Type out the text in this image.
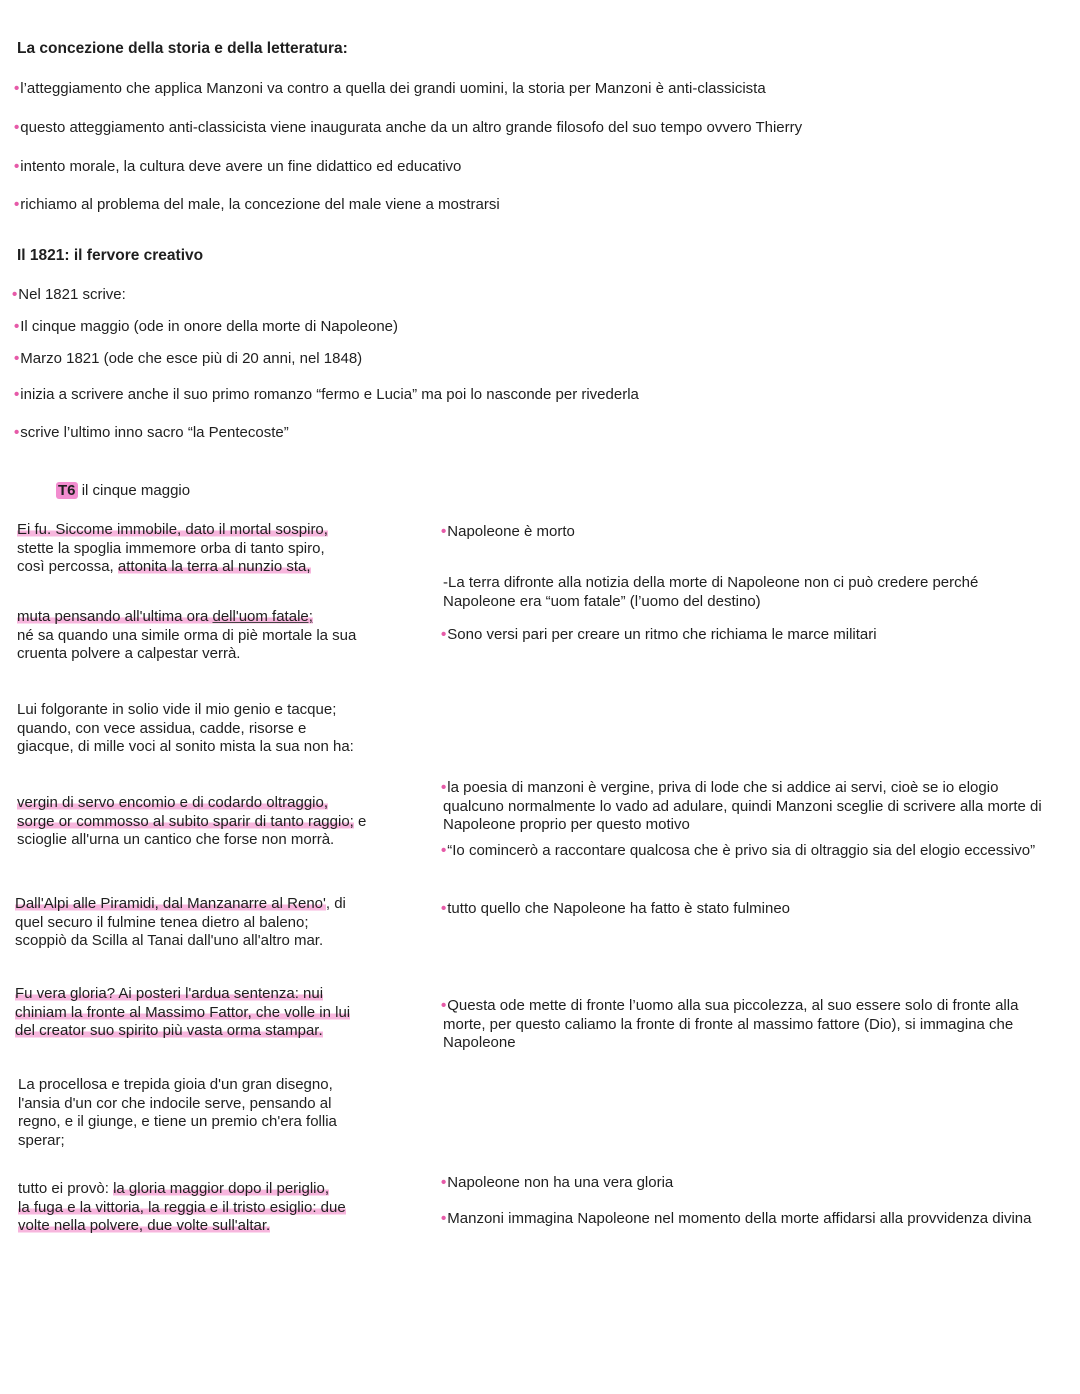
La concezione della storia e della letteratura:
•l’atteggiamento che applica Manzoni va contro a quella dei grandi uomini, la storia per Manzoni è anti-classicista
•questo atteggiamento anti-classicista viene inaugurata anche da un altro grande filosofo del suo tempo ovvero Thierry
•intento morale, la cultura deve avere un fine didattico ed educativo
•richiamo al problema del male, la concezione del male viene a mostrarsi
Il 1821: il fervore creativo
•Nel 1821 scrive:
•Il cinque maggio (ode in onore della morte di Napoleone)
•Marzo 1821 (ode che esce più di 20 anni, nel 1848)
•inizia a scrivere anche il suo primo romanzo “fermo e Lucia” ma poi lo nasconde per rivederla
•scrive l’ultimo inno sacro “la Pentecoste”
T6 il cinque maggio
Ei fu. Siccome immobile, dato il mortal sospiro,
stette la spoglia immemore orba di tanto spiro,
così percossa, attonita la terra al nunzio sta,
muta pensando all'ultima ora dell'uom fatale;
né sa quando una simile orma di piè mortale la sua
cruenta polvere a calpestar verrà.
Lui folgorante in solio vide il mio genio e tacque;
quando, con vece assidua, cadde, risorse e
giacque, di mille voci al sonito mista la sua non ha:
vergin di servo encomio e di codardo oltraggio,
sorge or commosso al subito sparir di tanto raggio; e
scioglie all'urna un cantico che forse non morrà.
Dall'Alpi alle Piramidi, dal Manzanarre al Reno', di
quel securo il fulmine tenea dietro al baleno;
scoppiò da Scilla al Tanai dall'uno all'altro mar.
Fu vera gloria? Ai posteri l'ardua sentenza: nui
chiniam la fronte al Massimo Fattor, che volle in lui
del creator suo spirito più vasta orma stampar.
La procellosa e trepida gioia d'un gran disegno,
l'ansia d'un cor che indocile serve, pensando al
regno, e il giunge, e tiene un premio ch'era follia
sperar;
tutto ei provò: la gloria maggior dopo il periglio,
la fuga e la vittoria, la reggia e il tristo esiglio: due
volte nella polvere, due volte sull'altar.
•Napoleone è morto
-La terra difronte alla notizia della morte di Napoleone non ci può credere perché
Napoleone era “uom fatale” (l’uomo del destino)
•Sono versi pari per creare un ritmo che richiama le marce militari
•la poesia di manzoni è vergine, priva di lode che si addice ai servi, cioè se io elogio
qualcuno normalmente lo vado ad adulare, quindi Manzoni sceglie di scrivere alla morte di
Napoleone proprio per questo motivo
•“Io comincerò a raccontare qualcosa che è privo sia di oltraggio sia del elogio eccessivo”
•tutto quello che Napoleone ha fatto è stato fulmineo
•Questa ode mette di fronte l’uomo alla sua piccolezza, al suo essere solo di fronte alla
morte, per questo caliamo la fronte di fronte al massimo fattore (Dio), si immagina che
Napoleone
•Napoleone non ha una vera gloria
•Manzoni immagina Napoleone nel momento della morte affidarsi alla provvidenza divina
